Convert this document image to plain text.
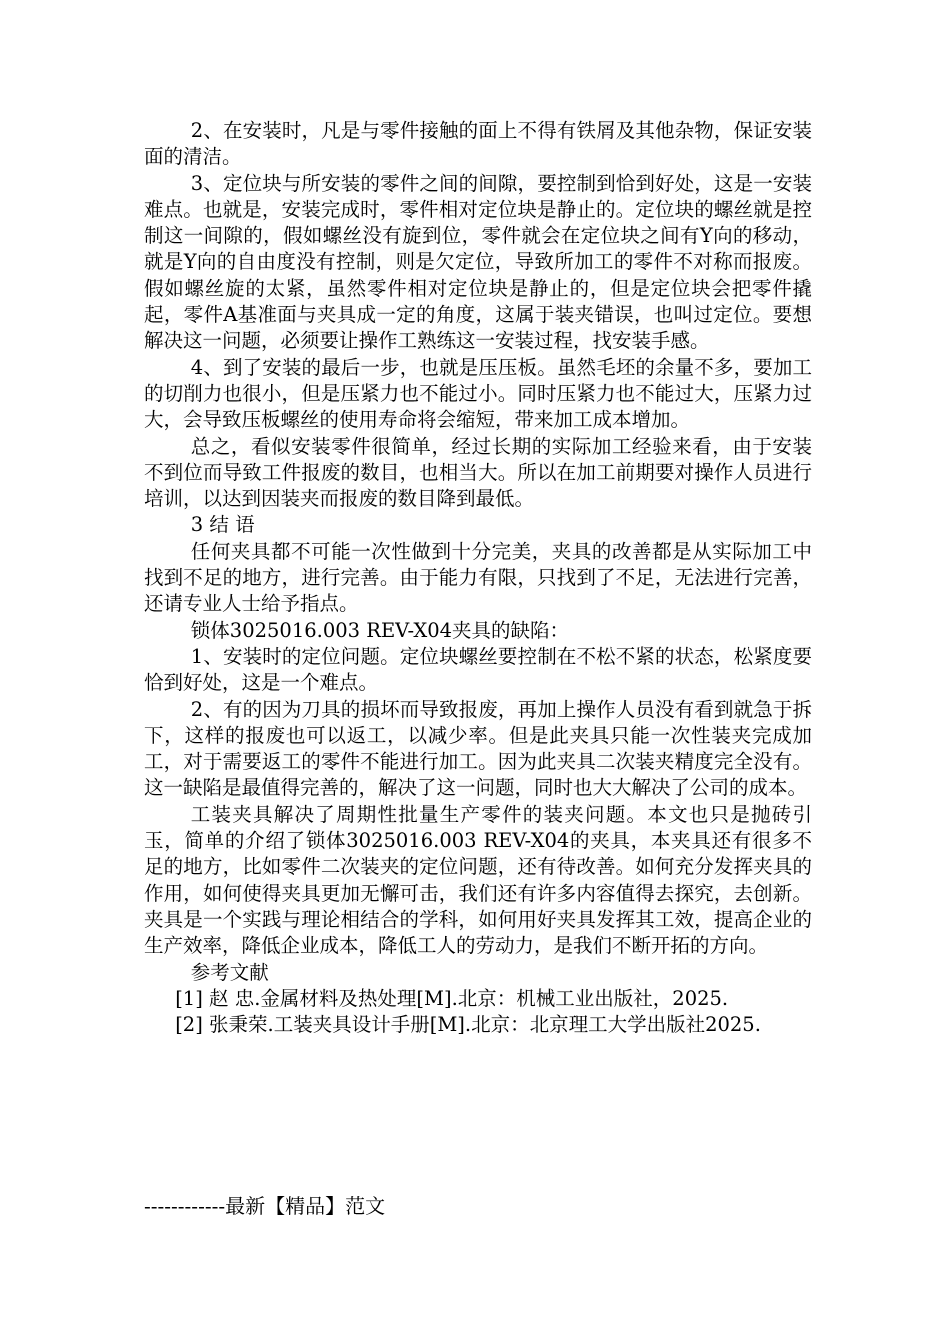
2、在安装时，凡是与零件接触的面上不得有铁屑及其他杂物，保证安装面的清洁。

3、定位块与所安装的零件之间的间隙，要控制到恰到好处，这是一安装难点。也就是，安装完成时，零件相对定位块是静止的。定位块的螺丝就是控制这一间隙的，假如螺丝没有旋到位，零件就会在定位块之间有Y向的移动，就是Y向的自由度没有控制，则是欠定位，导致所加工的零件不对称而报废。假如螺丝旋的太紧，虽然零件相对定位块是静止的，但是定位块会把零件撬起，零件A基准面与夹具成一定的角度，这属于装夹错误，也叫过定位。要想解决这一问题，必须要让操作工熟练这一安装过程，找安装手感。

4、到了安装的最后一步，也就是压压板。虽然毛坯的余量不多，要加工的切削力也很小，但是压紧力也不能过小。同时压紧力也不能过大，压紧力过大，会导致压板螺丝的使用寿命将会缩短，带来加工成本增加。

总之，看似安装零件很简单，经过长期的实际加工经验来看，由于安装不到位而导致工件报废的数目，也相当大。所以在加工前期要对操作人员进行培训，以达到因装夹而报废的数目降到最低。

3 结 语

任何夹具都不可能一次性做到十分完美，夹具的改善都是从实际加工中找到不足的地方，进行完善。由于能力有限，只找到了不足，无法进行完善，还请专业人士给予指点。

锁体3025016.003 REV-X04夹具的缺陷：

1、安装时的定位问题。定位块螺丝要控制在不松不紧的状态，松紧度要恰到好处，这是一个难点。

2、有的因为刀具的损坏而导致报废，再加上操作人员没有看到就急于拆下，这样的报废也可以返工，以减少率。但是此夹具只能一次性装夹完成加工，对于需要返工的零件不能进行加工。因为此夹具二次装夹精度完全没有。这一缺陷是最值得完善的，解决了这一问题，同时也大大解决了公司的成本。

工装夹具解决了周期性批量生产零件的装夹问题。本文也只是抛砖引玉，简单的介绍了锁体3025016.003 REV-X04的夹具，本夹具还有很多不足的地方，比如零件二次装夹的定位问题，还有待改善。如何充分发挥夹具的作用，如何使得夹具更加无懈可击，我们还有许多内容值得去探究，去创新。夹具是一个实践与理论相结合的学科，如何用好夹具发挥其工效，提高企业的生产效率，降低企业成本，降低工人的劳动力，是我们不断开拓的方向。

参考文献

[1] 赵 忠.金属材料及热处理[M].北京：机械工业出版社，2025.

[2] 张秉荣.工装夹具设计手册[M].北京：北京理工大学出版社2025.

------------最新【精品】范文
